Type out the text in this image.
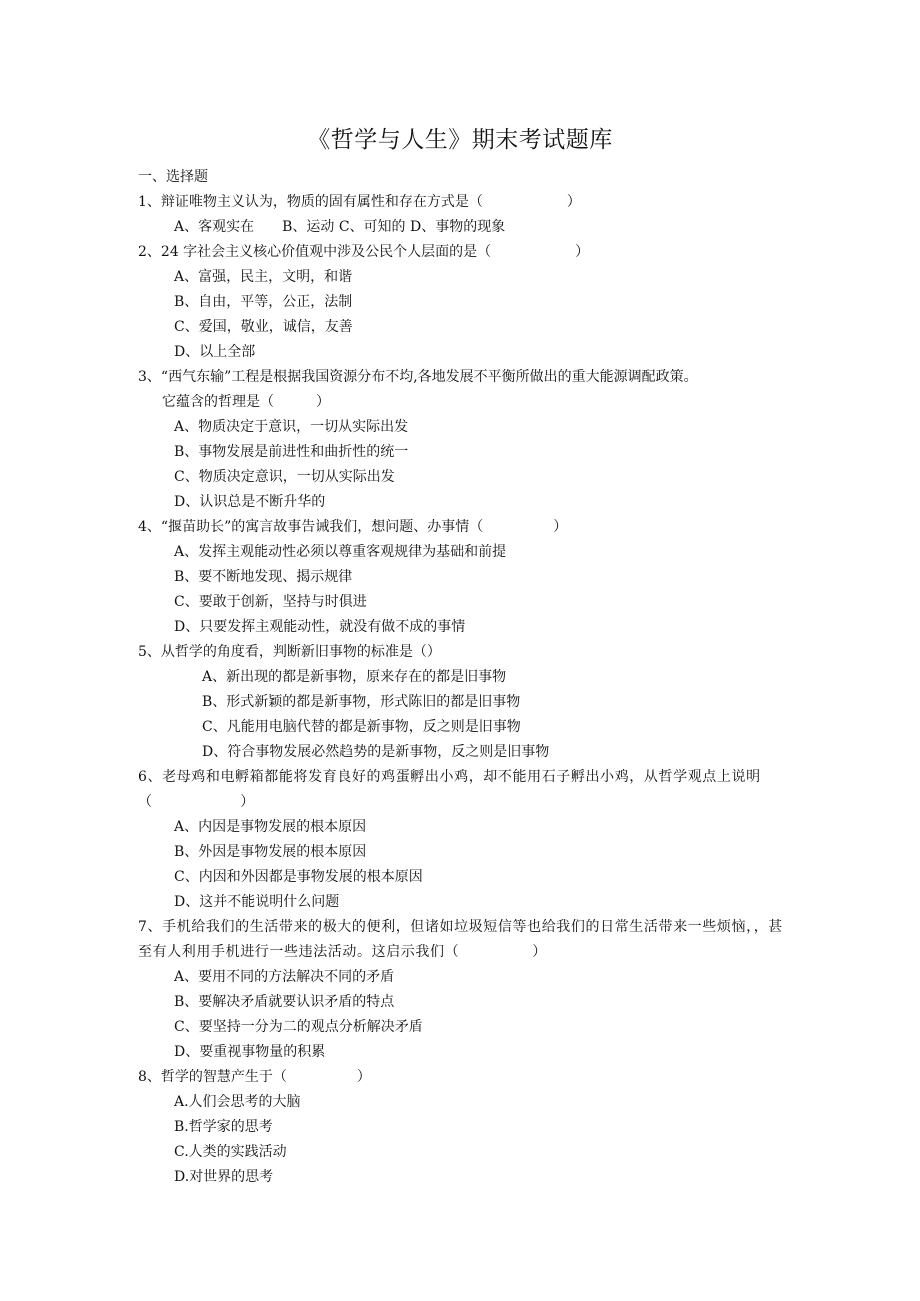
《哲学与人生》期末考试题库
一、选择题
1、辩证唯物主义认为，物质的固有属性和存在方式是（　　　　　　）
A、客观实在　　B、运动 C、可知的 D、事物的现象
2、24 字社会主义核心价值观中涉及公民个人层面的是（　　　　　　）
A、富强，民主，文明，和谐
B、自由，平等，公正，法制
C、爱国，敬业，诚信，友善
D、以上全部
3、“西气东输”工程是根据我国资源分布不均,各地发展不平衡所做出的重大能源调配政策。
它蕴含的哲理是（　　　）
A、物质决定于意识，一切从实际出发
B、事物发展是前进性和曲折性的统一
C、物质决定意识，一切从实际出发
D、认识总是不断升华的
4、“揠苗助长”的寓言故事告诫我们，想问题、办事情（　　　　　）
A、发挥主观能动性必须以尊重客观规律为基础和前提
B、要不断地发现、揭示规律
C、要敢于创新，坚持与时俱进
D、只要发挥主观能动性，就没有做不成的事情
5、从哲学的角度看，判断新旧事物的标准是（）
A、新出现的都是新事物，原来存在的都是旧事物
B、形式新颖的都是新事物，形式陈旧的都是旧事物
C、凡能用电脑代替的都是新事物，反之则是旧事物
D、符合事物发展必然趋势的是新事物，反之则是旧事物
6、老母鸡和电孵箱都能将发育良好的鸡蛋孵出小鸡，却不能用石子孵出小鸡，从哲学观点上说明（　　　　　　）
A、内因是事物发展的根本原因
B、外因是事物发展的根本原因
C、内因和外因都是事物发展的根本原因
D、这并不能说明什么问题
7、手机给我们的生活带来的极大的便利，但诸如垃圾短信等也给我们的日常生活带来一些烦恼，，甚至有人利用手机进行一些违法活动。这启示我们（　　　　　）
A、要用不同的方法解决不同的矛盾
B、要解决矛盾就要认识矛盾的特点
C、要坚持一分为二的观点分析解决矛盾
D、要重视事物量的积累
8、哲学的智慧产生于（　　　　　）
A.人们会思考的大脑
B.哲学家的思考
C.人类的实践活动
D.对世界的思考
